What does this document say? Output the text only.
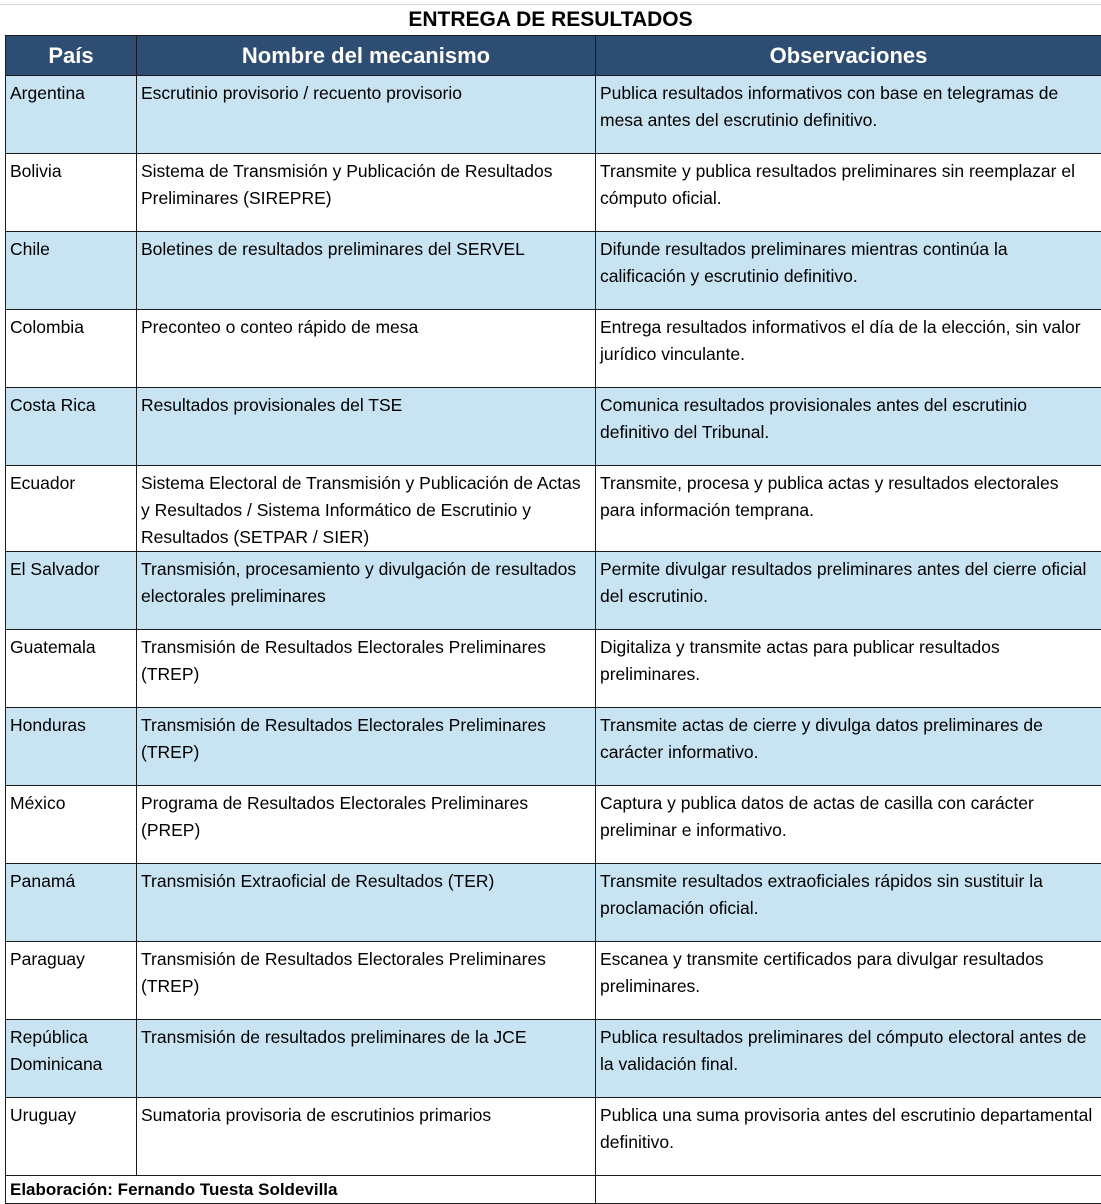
ENTREGA DE RESULTADOS
País	Nombre del mecanismo	Observaciones
Argentina	Escrutinio provisorio / recuento provisorio	Publica resultados informativos con base en telegramas de mesa antes del escrutinio definitivo.
Bolivia	Sistema de Transmisión y Publicación de Resultados Preliminares (SIREPRE)	Transmite y publica resultados preliminares sin reemplazar el cómputo oficial.
Chile	Boletines de resultados preliminares del SERVEL	Difunde resultados preliminares mientras continúa la calificación y escrutinio definitivo.
Colombia	Preconteo o conteo rápido de mesa	Entrega resultados informativos el día de la elección, sin valor jurídico vinculante.
Costa Rica	Resultados provisionales del TSE	Comunica resultados provisionales antes del escrutinio definitivo del Tribunal.
Ecuador	Sistema Electoral de Transmisión y Publicación de Actas y Resultados / Sistema Informático de Escrutinio y Resultados (SETPAR / SIER)	Transmite, procesa y publica actas y resultados electorales para información temprana.
El Salvador	Transmisión, procesamiento y divulgación de resultados electorales preliminares	Permite divulgar resultados preliminares antes del cierre oficial del escrutinio.
Guatemala	Transmisión de Resultados Electorales Preliminares (TREP)	Digitaliza y transmite actas para publicar resultados preliminares.
Honduras	Transmisión de Resultados Electorales Preliminares (TREP)	Transmite actas de cierre y divulga datos preliminares de carácter informativo.
México	Programa de Resultados Electorales Preliminares (PREP)	Captura y publica datos de actas de casilla con carácter preliminar e informativo.
Panamá	Transmisión Extraoficial de Resultados (TER)	Transmite resultados extraoficiales rápidos sin sustituir la proclamación oficial.
Paraguay	Transmisión de Resultados Electorales Preliminares (TREP)	Escanea y transmite certificados para divulgar resultados preliminares.
República Dominicana	Transmisión de resultados preliminares de la JCE	Publica resultados preliminares del cómputo electoral antes de la validación final.
Uruguay	Sumatoria provisoria de escrutinios primarios	Publica una suma provisoria antes del escrutinio departamental definitivo.
Elaboración: Fernando Tuesta Soldevilla		
